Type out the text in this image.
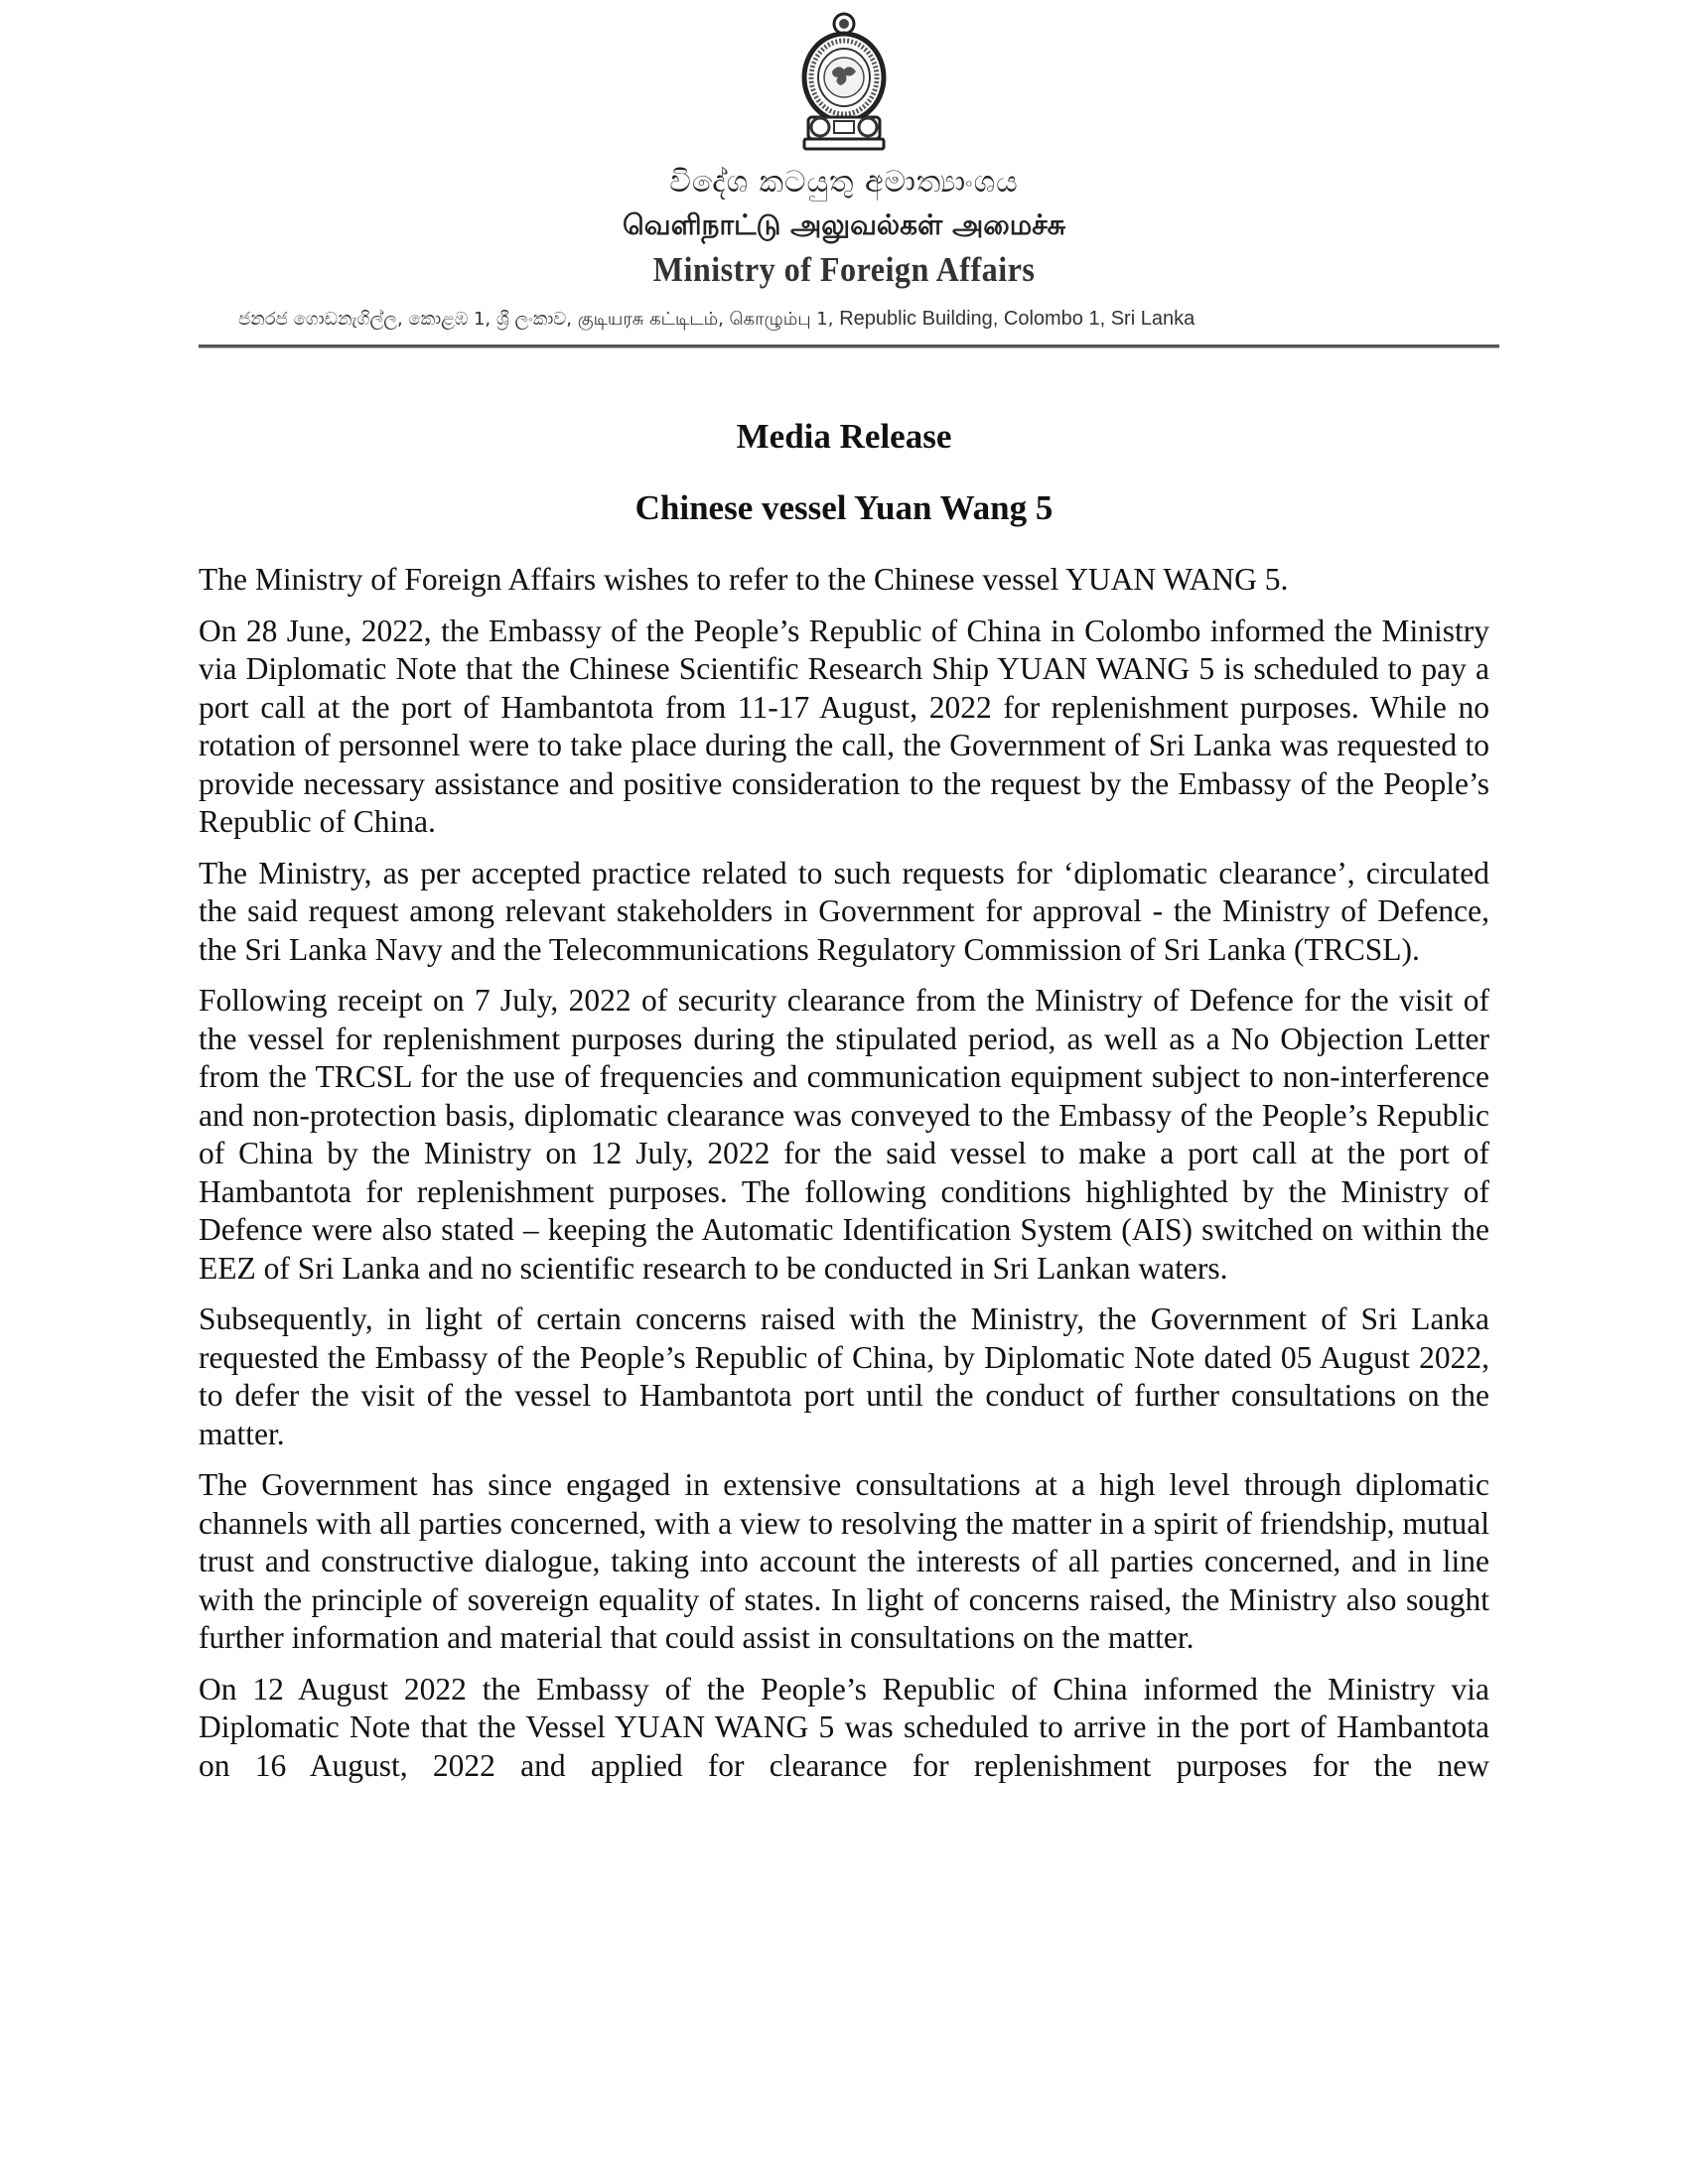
විදේශ කටයුතු අමාත්‍යාංශය
வெளிநாட்டு அலுவல்கள் அமைச்சு
Ministry of Foreign Affairs
ජනරජ ගොඩනැගිල්ල, කොළඹ 1, ශ්‍රී ලංකාව, குடியரசு கட்டிடம், கொழும்பு 1, Republic Building, Colombo 1, Sri Lanka
Media Release
Chinese vessel Yuan Wang 5

The Ministry of Foreign Affairs wishes to refer to the Chinese vessel YUAN WANG 5.

On 28 June, 2022, the Embassy of the People’s Republic of China in Colombo informed the Ministry via Diplomatic Note that the Chinese Scientific Research Ship YUAN WANG 5 is scheduled to pay a port call at the port of Hambantota from 11-17 August, 2022 for replenishment purposes. While no rotation of personnel were to take place during the call, the Government of Sri Lanka was requested to provide necessary assistance and positive consideration to the request by the Embassy of the People’s Republic of China.

The Ministry, as per accepted practice related to such requests for ‘diplomatic clearance’, circulated the said request among relevant stakeholders in Government for approval - the Ministry of Defence, the Sri Lanka Navy and the Telecommunications Regulatory Commission of Sri Lanka (TRCSL).

Following receipt on 7 July, 2022 of security clearance from the Ministry of Defence for the visit of the vessel for replenishment purposes during the stipulated period, as well as a No Objection Letter from the TRCSL for the use of frequencies and communication equipment subject to non-interference and non-protection basis, diplomatic clearance was conveyed to the Embassy of the People’s Republic of China by the Ministry on 12 July, 2022 for the said vessel to make a port call at the port of Hambantota for replenishment purposes. The following conditions highlighted by the Ministry of Defence were also stated – keeping the Automatic Identification System (AIS) switched on within the EEZ of Sri Lanka and no scientific research to be conducted in Sri Lankan waters.

Subsequently, in light of certain concerns raised with the Ministry, the Government of Sri Lanka requested the Embassy of the People’s Republic of China, by Diplomatic Note dated 05 August 2022, to defer the visit of the vessel to Hambantota port until the conduct of further consultations on the matter.

The Government has since engaged in extensive consultations at a high level through diplomatic channels with all parties concerned, with a view to resolving the matter in a spirit of friendship, mutual trust and constructive dialogue, taking into account the interests of all parties concerned, and in line with the principle of sovereign equality of states. In light of concerns raised, the Ministry also sought further information and material that could assist in consultations on the matter.

On 12 August 2022 the Embassy of the People’s Republic of China informed the Ministry via Diplomatic Note that the Vessel YUAN WANG 5 was scheduled to arrive in the port of Hambantota on 16 August, 2022 and applied for clearance for replenishment purposes for the new
